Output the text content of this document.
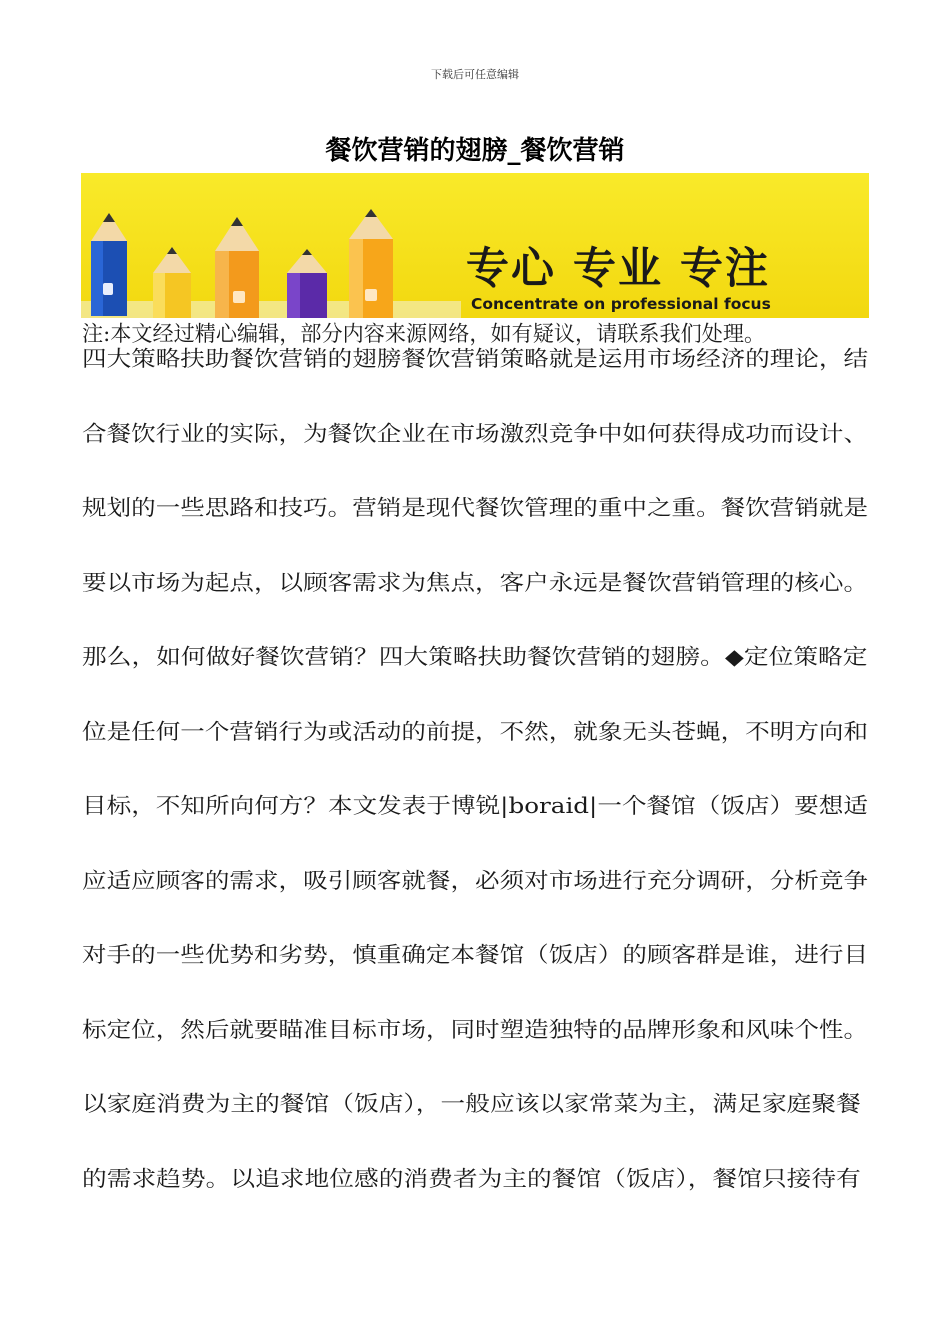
下载后可任意编辑
餐饮营销的翅膀_餐饮营销
专心 专业 专注
Concentrate on professional focus
注:本文经过精心编辑，部分内容来源网络，如有疑议，请联系我们处理。
四大策略扶助餐饮营销的翅膀餐饮营销策略就是运用市场经济的理论，结
合餐饮行业的实际，为餐饮企业在市场激烈竞争中如何获得成功而设计、
规划的一些思路和技巧。营销是现代餐饮管理的重中之重。餐饮营销就是
要以市场为起点，以顾客需求为焦点，客户永远是餐饮营销管理的核心。
那么，如何做好餐饮营销？四大策略扶助餐饮营销的翅膀。◆定位策略定
位是任何一个营销行为或活动的前提，不然，就象无头苍蝇，不明方向和
目标，不知所向何方？本文发表于博锐|boraid|一个餐馆（饭店）要想适
应适应顾客的需求，吸引顾客就餐，必须对市场进行充分调研，分析竞争
对手的一些优势和劣势，慎重确定本餐馆（饭店）的顾客群是谁，进行目
标定位，然后就要瞄准目标市场，同时塑造独特的品牌形象和风味个性。
以家庭消费为主的餐馆（饭店），一般应该以家常菜为主，满足家庭聚餐
的需求趋势。以追求地位感的消费者为主的餐馆（饭店），餐馆只接待有
